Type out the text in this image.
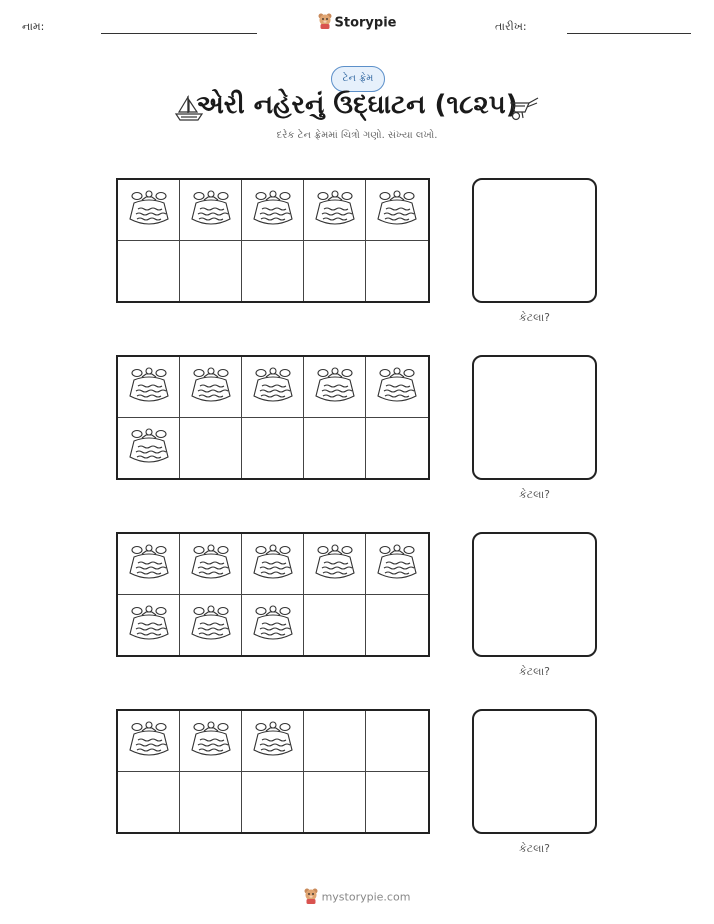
નામ:	Storypie	તારીખ:
ટેન ફ્રેમ
એરી નહેરનું ઉદ્ઘાટન (૧૮૨૫)
દરેક ટેન ફ્રેમમાં ચિત્રો ગણો. સંખ્યા લખો.
કેટલા?
કેટલા?
કેટલા?
કેટલા?
mystorypie.com
